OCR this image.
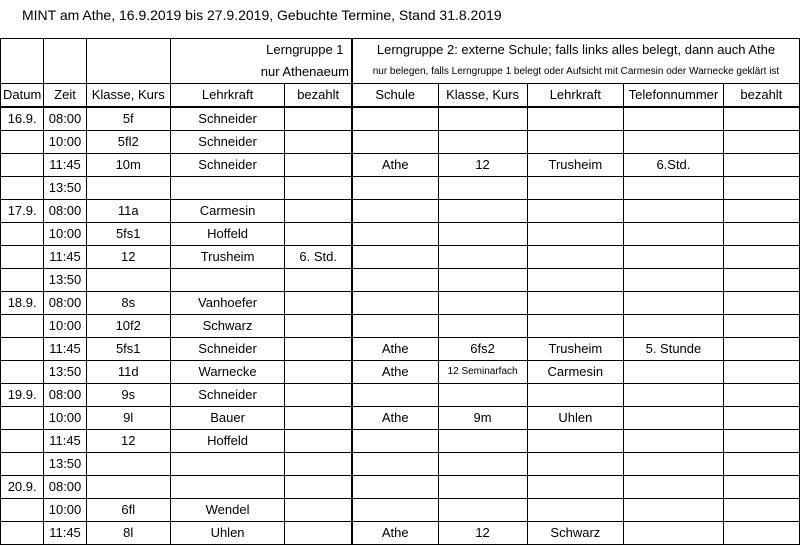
MINT am Athe, 16.9.2019 bis 27.9.2019, Gebuchte Termine, Stand 31.8.2019
			Lerngruppe 1		Lerngruppe 2: externe Schule; falls links alles belegt, dann auch Athe				
			nur Athenaeum		nur belegen, falls Lerngruppe 1 belegt oder Aufsicht mit Carmesin oder Warnecke geklärt ist				
Datum	Zeit	Klasse, Kurs	Lehrkraft	bezahlt	Schule	Klasse, Kurs	Lehrkraft	Telefonnummer	bezahlt
16.9.	08:00	5f	Schneider						
	10:00	5fl2	Schneider						
	11:45	10m	Schneider		Athe	12	Trusheim	6.Std.	
	13:50								
17.9.	08:00	11a	Carmesin						
	10:00	5fs1	Hoffeld						
	11:45	12	Trusheim	6. Std.					
	13:50								
18.9.	08:00	8s	Vanhoefer						
	10:00	10f2	Schwarz						
	11:45	5fs1	Schneider		Athe	6fs2	Trusheim	5. Stunde	
	13:50	11d	Warnecke		Athe	12 Seminarfach	Carmesin		
19.9.	08:00	9s	Schneider						
	10:00	9l	Bauer		Athe	9m	Uhlen		
	11:45	12	Hoffeld						
	13:50								
20.9.	08:00								
	10:00	6fl	Wendel						
	11:45	8l	Uhlen		Athe	12	Schwarz		
